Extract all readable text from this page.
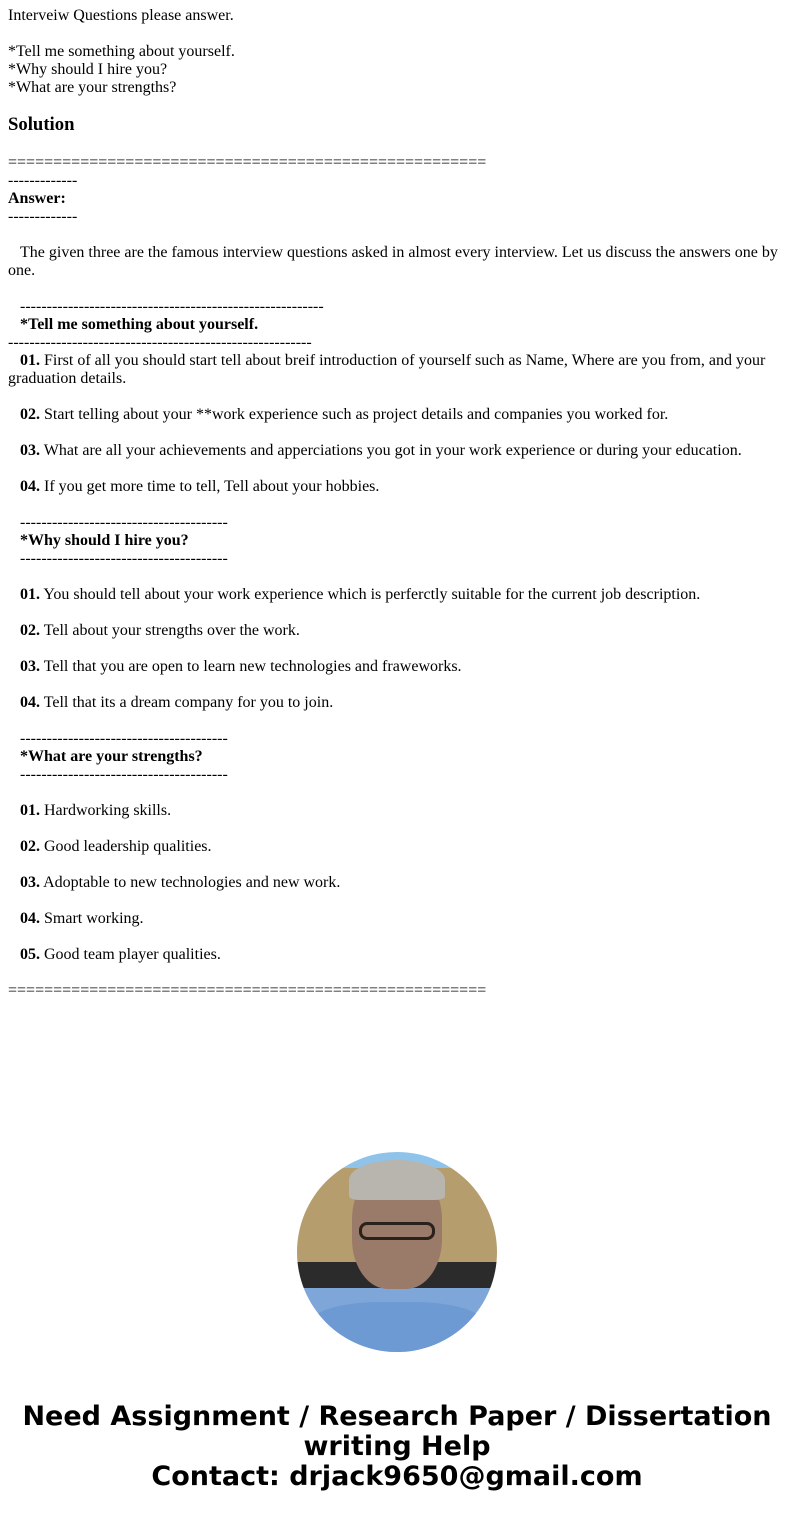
Interveiw Questions please answer.
*Tell me something about yourself.
*Why should I hire you?
*What are your strengths?
Solution
=====================================================
-------------
Answer:
-------------
The given three are the famous interview questions asked in almost every interview. Let us discuss the answers one by one.
---------------------------------------------------------
*Tell me something about yourself.
---------------------------------------------------------
01. First of all you should start tell about breif introduction of yourself such as Name, Where are you from, and your graduation details.
02. Start telling about your **work experience such as project details and companies you worked for.
03. What are all your achievements and apperciations you got in your work experience or during your education.
04. If you get more time to tell, Tell about your hobbies.
---------------------------------------
*Why should I hire you?
---------------------------------------
01. You should tell about your work experience which is perferctly suitable for the current job description.
02. Tell about your strengths over the work.
03. Tell that you are open to learn new technologies and fraweworks.
04. Tell that its a dream company for you to join.
---------------------------------------
*What are your strengths?
---------------------------------------
01. Hardworking skills.
02. Good leadership qualities.
03. Adoptable to new technologies and new work.
04. Smart working.
05. Good team player qualities.
=====================================================
Need Assignment / Research Paper / Dissertation writing Help
Contact: drjack9650@gmail.com
